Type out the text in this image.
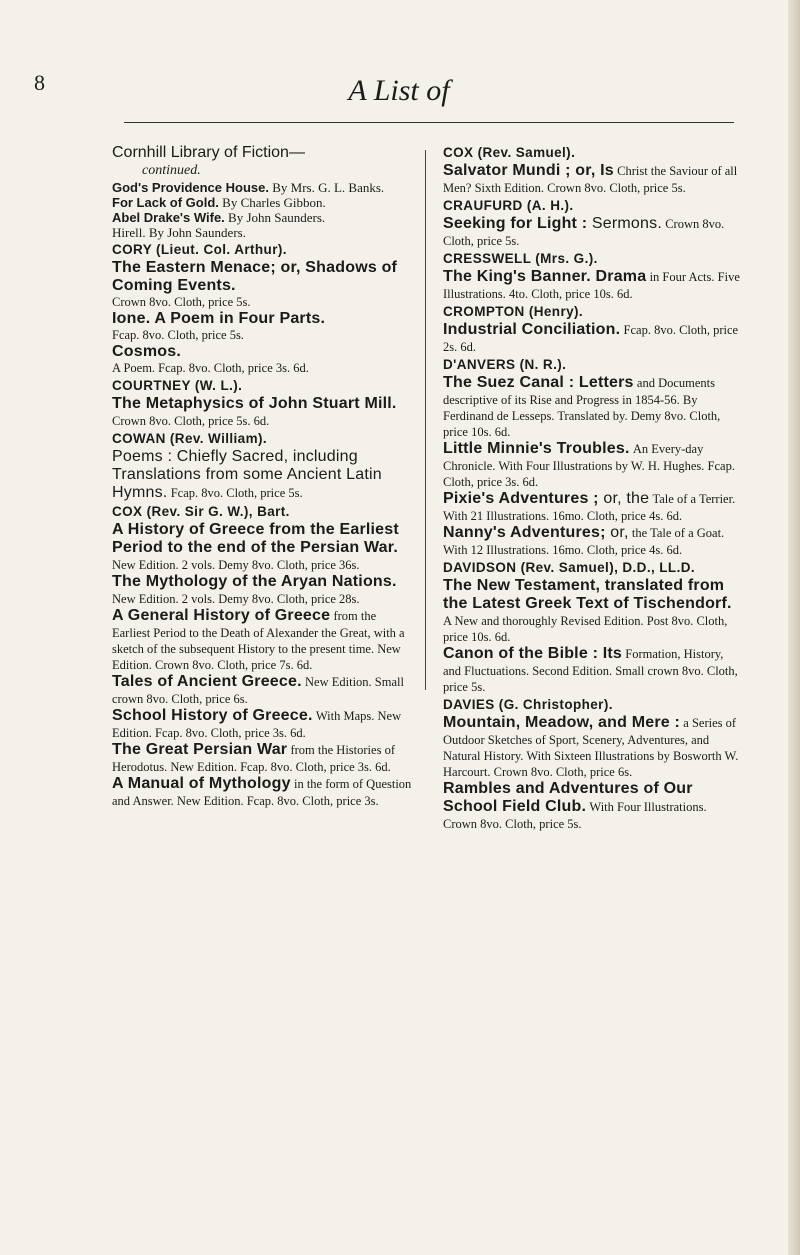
8	A List of
Cornhill Library of Fiction—
continued.
God's Providence House. By Mrs. G. L. Banks.
For Lack of Gold. By Charles Gibbon.
Abel Drake's Wife. By John Saunders.
Hirell. By John Saunders.
CORY (Lieut. Col. Arthur).
The Eastern Menace; or, Shadows of Coming Events.
Crown 8vo. Cloth, price 5s.
Ione. A Poem in Four Parts.
Fcap. 8vo. Cloth, price 5s.
Cosmos.
A Poem. Fcap. 8vo. Cloth, price 3s. 6d.
COURTNEY (W. L.).
The Metaphysics of John Stuart Mill. Crown 8vo. Cloth, price 5s. 6d.
COWAN (Rev. William).
Poems : Chiefly Sacred, including Translations from some Ancient Latin Hymns. Fcap. 8vo. Cloth, price 5s.
COX (Rev. Sir G. W.), Bart.
A History of Greece from the Earliest Period to the end of the Persian War. New Edition. 2 vols. Demy 8vo. Cloth, price 36s.
The Mythology of the Aryan Nations. New Edition. 2 vols. Demy 8vo. Cloth, price 28s.
A General History of Greece from the Earliest Period to the Death of Alexander the Great, with a sketch of the subsequent History to the present time. New Edition. Crown 8vo. Cloth, price 7s. 6d.
Tales of Ancient Greece. New Edition. Small crown 8vo. Cloth, price 6s.
School History of Greece. With Maps. New Edition. Fcap. 8vo. Cloth, price 3s. 6d.
The Great Persian War from the Histories of Herodotus. New Edition. Fcap. 8vo. Cloth, price 3s. 6d.
A Manual of Mythology in the form of Question and Answer. New Edition. Fcap. 8vo. Cloth, price 3s.
COX (Rev. Samuel).
Salvator Mundi ; or, Is Christ the Saviour of all Men? Sixth Edition. Crown 8vo. Cloth, price 5s.
CRAUFURD (A. H.).
Seeking for Light : Sermons. Crown 8vo. Cloth, price 5s.
CRESSWELL (Mrs. G.).
The King's Banner. Drama in Four Acts. Five Illustrations. 4to. Cloth, price 10s. 6d.
CROMPTON (Henry).
Industrial Conciliation. Fcap. 8vo. Cloth, price 2s. 6d.
D'ANVERS (N. R.).
The Suez Canal : Letters and Documents descriptive of its Rise and Progress in 1854-56. By Ferdinand de Lesseps. Translated by. Demy 8vo. Cloth, price 10s. 6d.
Little Minnie's Troubles. An Every-day Chronicle. With Four Illustrations by W. H. Hughes. Fcap. Cloth, price 3s. 6d.
Pixie's Adventures ; or, the Tale of a Terrier. With 21 Illustrations. 16mo. Cloth, price 4s. 6d.
Nanny's Adventures; or, the Tale of a Goat. With 12 Illustrations. 16mo. Cloth, price 4s. 6d.
DAVIDSON (Rev. Samuel), D.D., LL.D.
The New Testament, translated from the Latest Greek Text of Tischendorf. A New and thoroughly Revised Edition. Post 8vo. Cloth, price 10s. 6d.
Canon of the Bible : Its Formation, History, and Fluctuations. Second Edition. Small crown 8vo. Cloth, price 5s.
DAVIES (G. Christopher).
Mountain, Meadow, and Mere : a Series of Outdoor Sketches of Sport, Scenery, Adventures, and Natural History. With Sixteen Illustrations by Bosworth W. Harcourt. Crown 8vo. Cloth, price 6s.
Rambles and Adventures of Our School Field Club. With Four Illustrations. Crown 8vo. Cloth, price 5s.
